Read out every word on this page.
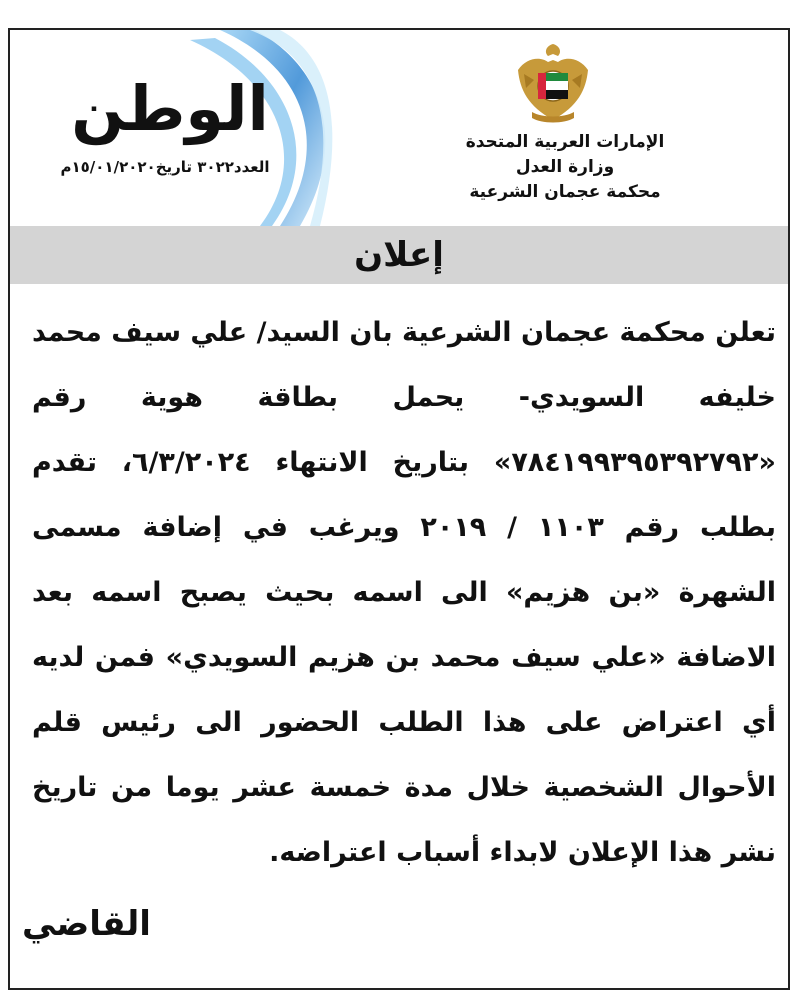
الوطن
العدد٣٠٢٢ تاريخ١٥/٠١/٢٠٢٠م
الإمارات العربية المتحدة
وزارة العدل
محكمة عجمان الشرعية
إعلان

تعلن محكمة عجمان الشرعية بان السيد/ علي سيف محمد خليفه السويدي- يحمل بطاقة هوية رقم «٧٨٤١٩٩٣٩٥٣٩٢٧٩٢» بتاريخ الانتهاء ٦/٣/٢٠٢٤، تقدم بطلب رقم ١١٠٣ / ٢٠١٩ ويرغب في إضافة مسمى الشهرة «بن هزيم» الى اسمه بحيث يصبح اسمه بعد الاضافة «علي سيف محمد بن هزيم السويدي» فمن لديه أي اعتراض على هذا الطلب الحضور الى رئيس قلم الأحوال الشخصية خلال مدة خمسة عشر يوما من تاريخ نشر هذا الإعلان لابداء أسباب اعتراضه.

القاضي
